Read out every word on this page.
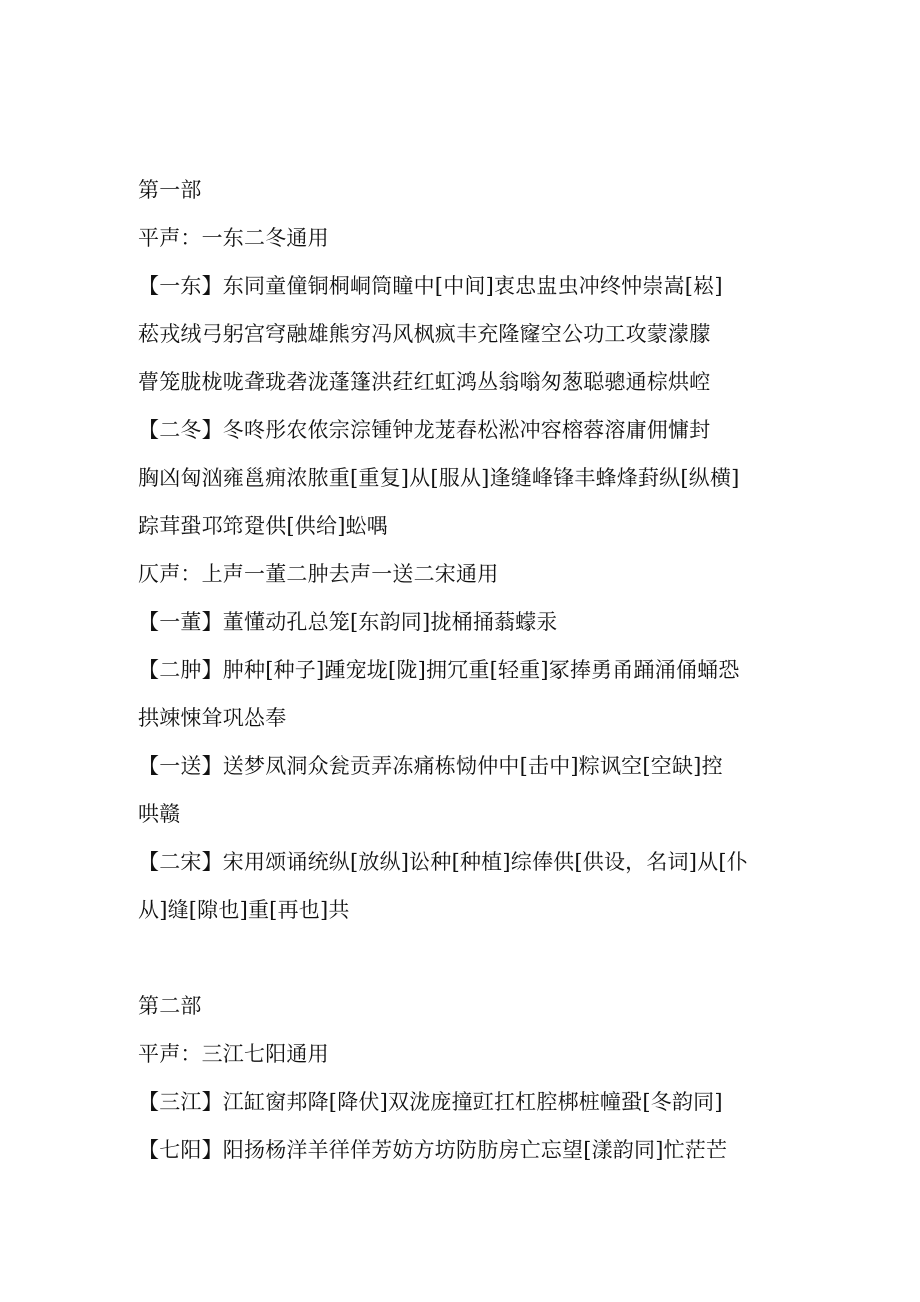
第一部
平声：一东二冬通用
【一东】东同童僮铜桐峒筒瞳中[中间]衷忠盅虫冲终忡崇嵩[崧]
菘戎绒弓躬宫穹融雄熊穷冯风枫疯丰充隆窿空公功工攻蒙濛朦
瞢笼胧栊咙聋珑砻泷蓬篷洪荭红虹鸿丛翁嗡匆葱聪骢通棕烘崆
【二冬】冬咚彤农侬宗淙锺钟龙茏舂松淞冲容榕蓉溶庸佣慵封
胸凶匈汹雍邕痈浓脓重[重复]从[服从]逢缝峰锋丰蜂烽葑纵[纵横]
踪茸蛩邛筇跫供[供给]蚣喁
仄声：上声一董二肿去声一送二宋通用
【一董】董懂动孔总笼[东韵同]拢桶捅蓊蠓汞
【二肿】肿种[种子]踵宠垅[陇]拥冗重[轻重]冢捧勇甬踊涌俑蛹恐
拱竦悚耸巩怂奉
【一送】送梦凤洞众瓮贡弄冻痛栋恸仲中[击中]粽讽空[空缺]控
哄赣
【二宋】宋用颂诵统纵[放纵]讼种[种植]综俸供[供设，名词]从[仆
从]缝[隙也]重[再也]共
第二部
平声：三江七阳通用
【三江】江缸窗邦降[降伏]双泷庞撞豇扛杠腔梆桩幢蛩[冬韵同]
【七阳】阳扬杨洋羊徉佯芳妨方坊防肪房亡忘望[漾韵同]忙茫芒
